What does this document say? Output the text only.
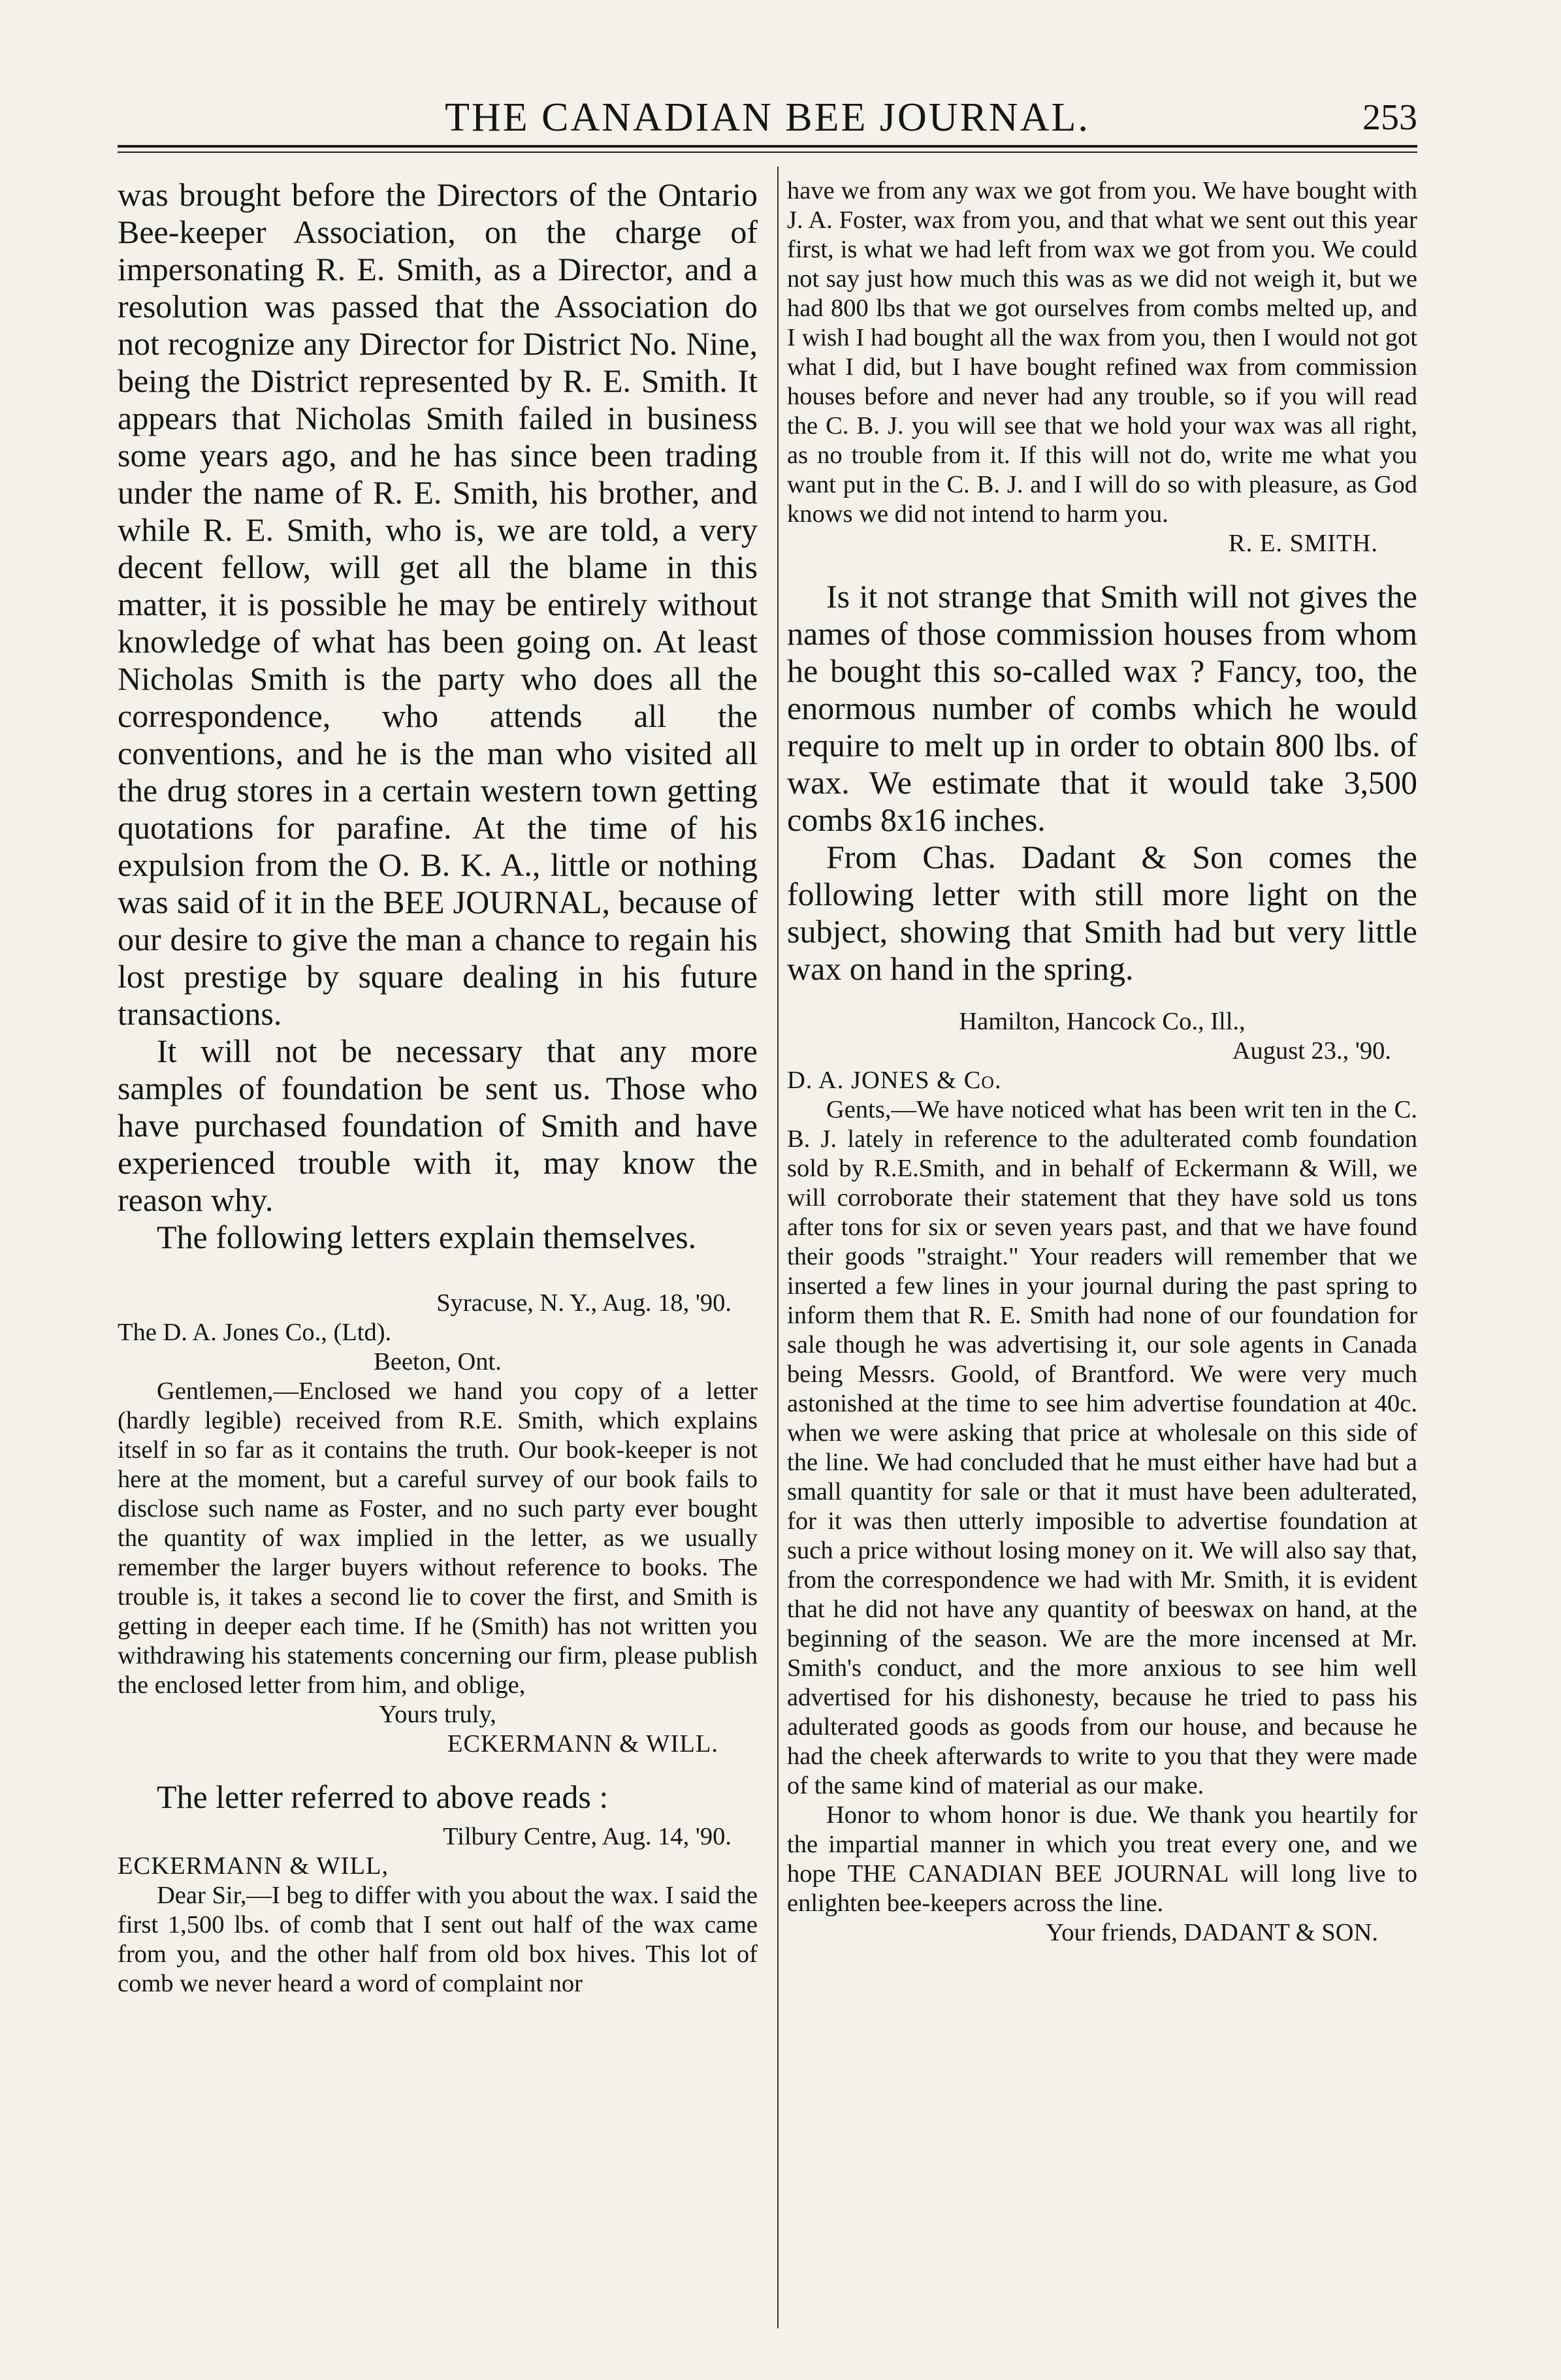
THE CANADIAN BEE JOURNAL.	253

was brought before the Directors of the Ontario Bee-keeper Association, on the charge of impersonating R. E. Smith, as a Director, and a resolution was passed that the Association do not recognize any Director for District No. Nine, being the District represented by R. E. Smith. It appears that Nicholas Smith failed in business some years ago, and he has since been trading under the name of R. E. Smith, his brother, and while R. E. Smith, who is, we are told, a very decent fellow, will get all the blame in this matter, it is possible he may be entirely without knowledge of what has been going on. At least Nicholas Smith is the party who does all the correspondence, who attends all the conventions, and he is the man who visited all the drug stores in a certain western town getting quotations for parafine. At the time of his expulsion from the O. B. K. A., little or nothing was said of it in the BEE JOURNAL, because of our desire to give the man a chance to regain his lost prestige by square dealing in his future transactions.

It will not be necessary that any more samples of foundation be sent us. Those who have purchased foundation of Smith and have experienced trouble with it, may know the reason why.

The following letters explain themselves.

Syracuse, N. Y., Aug. 18, '90.

The D. A. Jones Co., (Ltd).

Beeton, Ont.

Gentlemen,—Enclosed we hand you copy of a letter (hardly legible) received from R.E. Smith, which explains itself in so far as it contains the truth. Our book-keeper is not here at the moment, but a careful survey of our book fails to disclose such name as Foster, and no such party ever bought the quantity of wax implied in the letter, as we usually remember the larger buyers without reference to books. The trouble is, it takes a second lie to cover the first, and Smith is getting in deeper each time. If he (Smith) has not written you withdrawing his statements concerning our firm, please publish the enclosed letter from him, and oblige,

Yours truly,

ECKERMANN & WILL.

The letter referred to above reads :

Tilbury Centre, Aug. 14, '90.

ECKERMANN & WILL,

Dear Sir,—I beg to differ with you about the wax. I said the first 1,500 lbs. of comb that I sent out half of the wax came from you, and the other half from old box hives. This lot of comb we never heard a word of complaint nor

have we from any wax we got from you. We have bought with J. A. Foster, wax from you, and that what we sent out this year first, is what we had left from wax we got from you. We could not say just how much this was as we did not weigh it, but we had 800 lbs that we got ourselves from combs melted up, and I wish I had bought all the wax from you, then I would not got what I did, but I have bought refined wax from commission houses before and never had any trouble, so if you will read the C. B. J. you will see that we hold your wax was all right, as no trouble from it. If this will not do, write me what you want put in the C. B. J. and I will do so with pleasure, as God knows we did not intend to harm you.

R. E. SMITH.

Is it not strange that Smith will not gives the names of those commission houses from whom he bought this so-called wax ? Fancy, too, the enormous number of combs which he would require to melt up in order to obtain 800 lbs. of wax. We estimate that it would take 3,500 combs 8x16 inches.

From Chas. Dadant & Son comes the following letter with still more light on the subject, showing that Smith had but very little wax on hand in the spring.

Hamilton, Hancock Co., Ill.,

August 23., '90.

D. A. JONES & Co.

Gents,—We have noticed what has been writ ten in the C. B. J. lately in reference to the adulterated comb foundation sold by R.E.Smith, and in behalf of Eckermann & Will, we will corroborate their statement that they have sold us tons after tons for six or seven years past, and that we have found their goods "straight." Your readers will remember that we inserted a few lines in your journal during the past spring to inform them that R. E. Smith had none of our foundation for sale though he was advertising it, our sole agents in Canada being Messrs. Goold, of Brantford. We were very much astonished at the time to see him advertise foundation at 40c. when we were asking that price at wholesale on this side of the line. We had concluded that he must either have had but a small quantity for sale or that it must have been adulterated, for it was then utterly imposible to advertise foundation at such a price without losing money on it. We will also say that, from the correspondence we had with Mr. Smith, it is evident that he did not have any quantity of beeswax on hand, at the beginning of the season. We are the more incensed at Mr. Smith's conduct, and the more anxious to see him well advertised for his dishonesty, because he tried to pass his adulterated goods as goods from our house, and because he had the cheek afterwards to write to you that they were made of the same kind of material as our make.

Honor to whom honor is due. We thank you heartily for the impartial manner in which you treat every one, and we hope THE CANADIAN BEE JOURNAL will long live to enlighten bee-keepers across the line.

Your friends, DADANT & SON.
